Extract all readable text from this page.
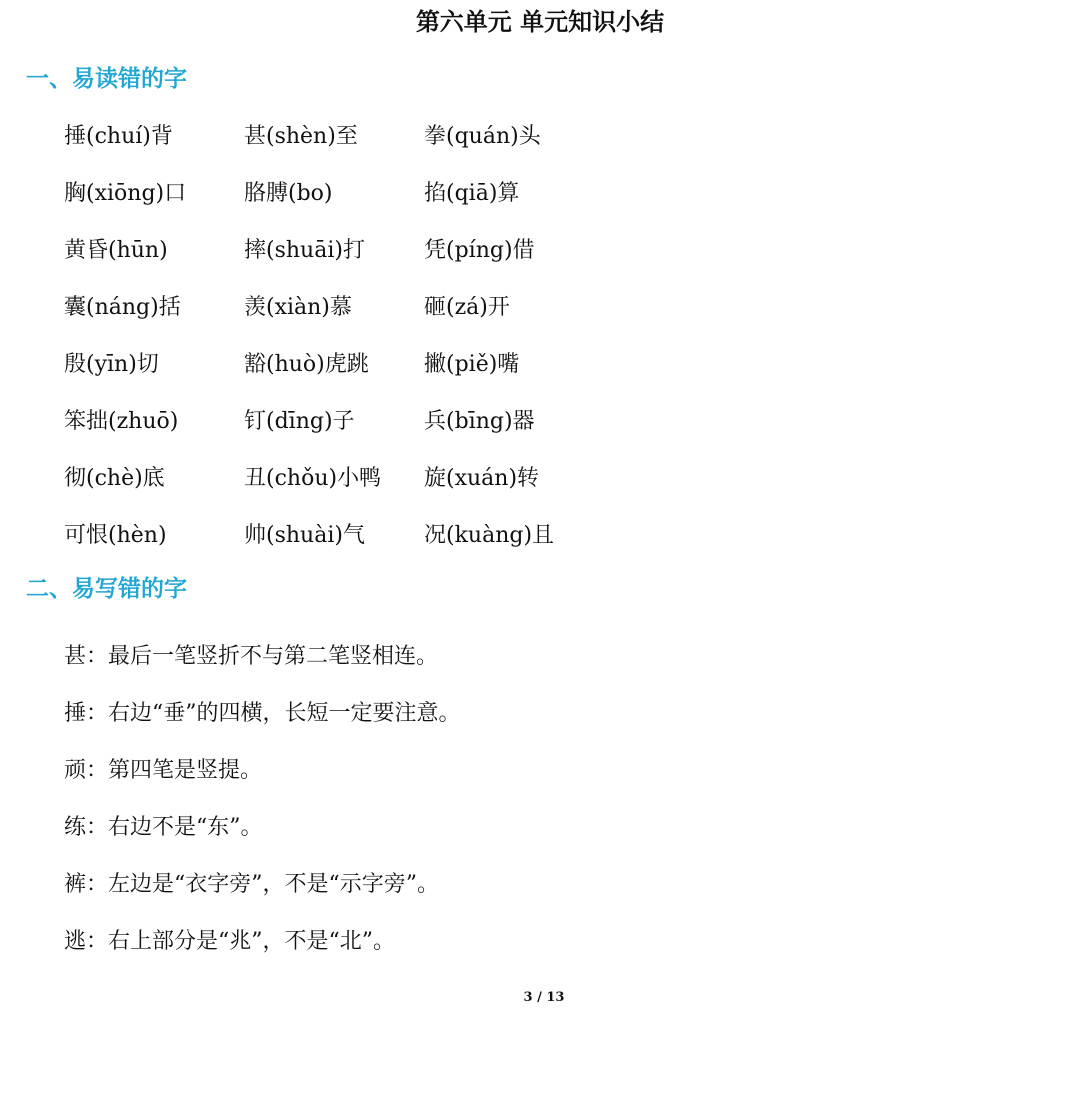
第六单元 单元知识小结
一、易读错的字
捶(chuí)背	甚(shèn)至	拳(quán)头
胸(xiōng)口	胳膊(bo)	掐(qiā)算
黄昏(hūn)	摔(shuāi)打	凭(píng)借
囊(náng)括	羡(xiàn)慕	砸(zá)开
殷(yīn)切	豁(huò)虎跳	撇(piě)嘴
笨拙(zhuō)	钉(dīng)子	兵(bīng)器
彻(chè)底	丑(chǒu)小鸭	旋(xuán)转
可恨(hèn)	帅(shuài)气	况(kuàng)且
二、易写错的字
甚：最后一笔竖折不与第二笔竖相连。
捶：右边“垂”的四横，长短一定要注意。
顽：第四笔是竖提。
练：右边不是“东”。
裤：左边是“衣字旁”，不是“示字旁”。
逃：右上部分是“兆”，不是“北”。
3 / 13
